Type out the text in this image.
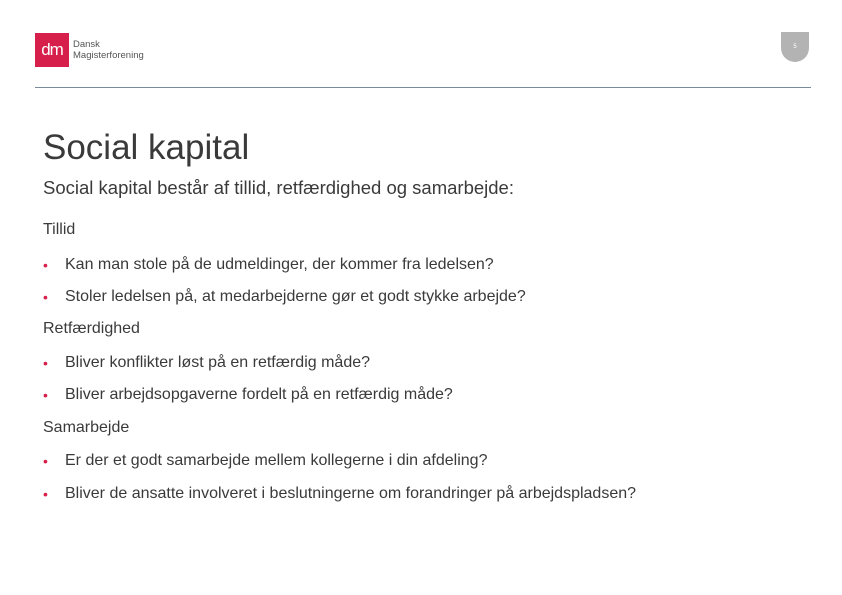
dm	Dansk
Magisterforening
5
Social kapital
Social kapital består af tillid, retfærdighed og samarbejde:
Tillid
•	Kan man stole på de udmeldinger, der kommer fra ledelsen?
•	Stoler ledelsen på, at medarbejderne gør et godt stykke arbejde?
Retfærdighed
•	Bliver konflikter løst på en retfærdig måde?
•	Bliver arbejdsopgaverne fordelt på en retfærdig måde?
Samarbejde
•	Er der et godt samarbejde mellem kollegerne i din afdeling?
•	Bliver de ansatte involveret i beslutningerne om forandringer på arbejdspladsen?
